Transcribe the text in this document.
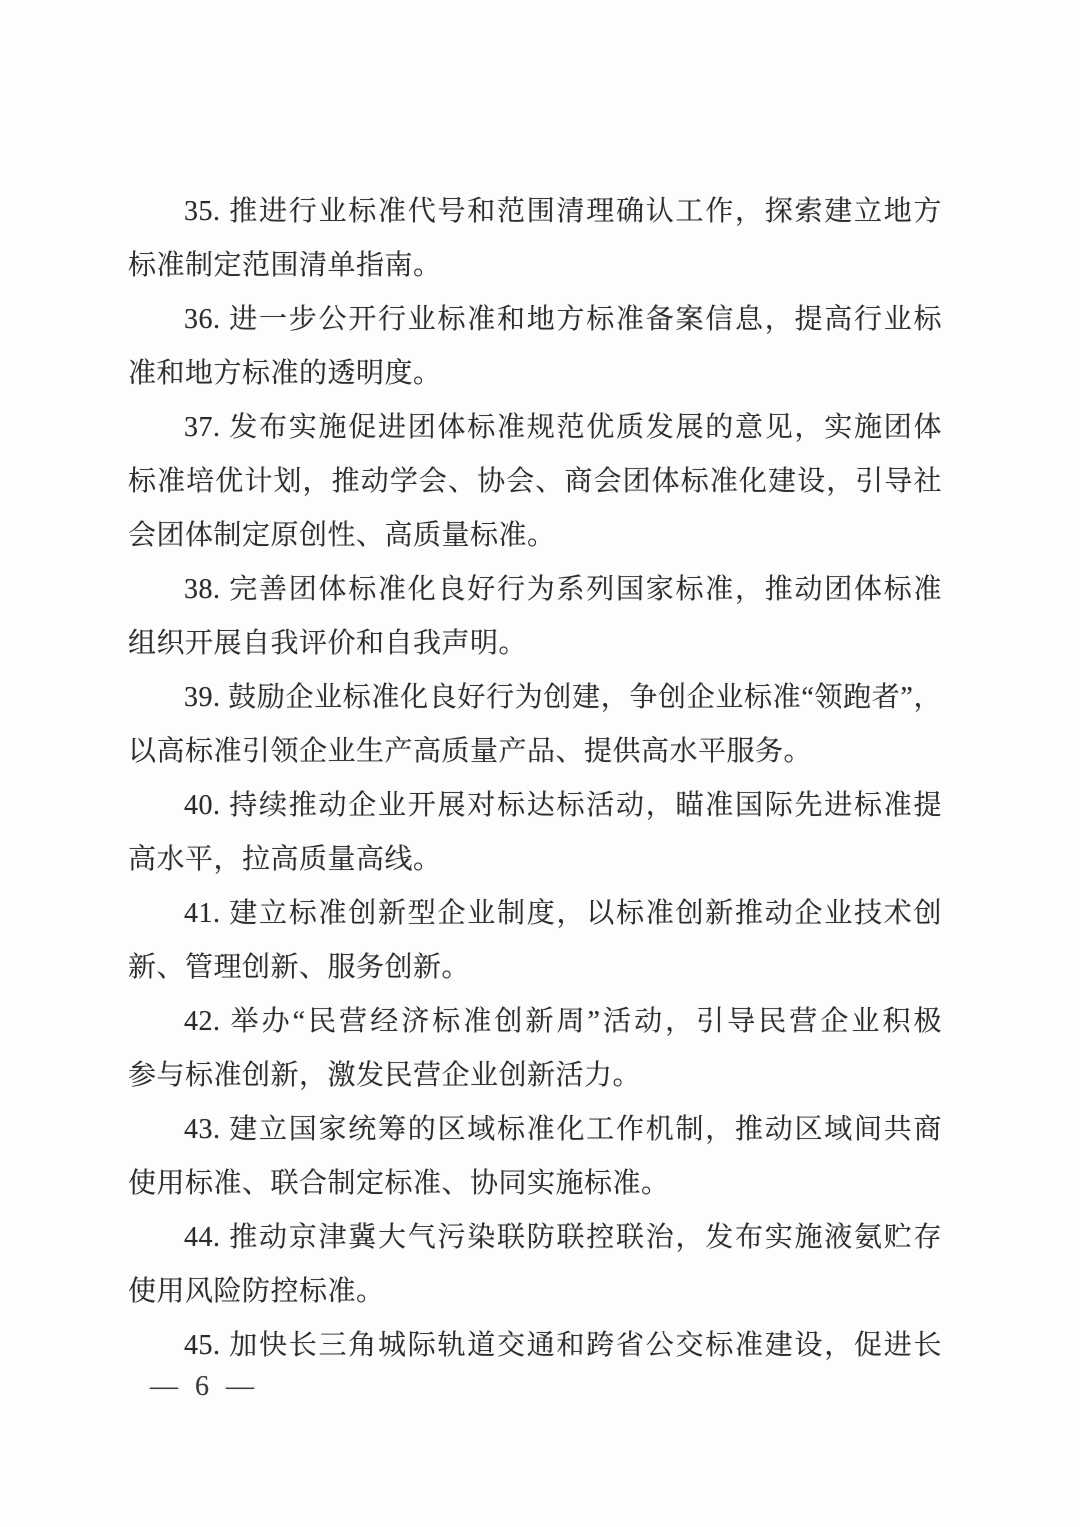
35. 推进行业标准代号和范围清理确认工作，探索建立地方
标准制定范围清单指南。
36. 进一步公开行业标准和地方标准备案信息，提高行业标
准和地方标准的透明度。
37. 发布实施促进团体标准规范优质发展的意见，实施团体
标准培优计划，推动学会、协会、商会团体标准化建设，引导社
会团体制定原创性、高质量标准。
38. 完善团体标准化良好行为系列国家标准，推动团体标准
组织开展自我评价和自我声明。
39. 鼓励企业标准化良好行为创建，争创企业标准“领跑者”，
以高标准引领企业生产高质量产品、提供高水平服务。
40. 持续推动企业开展对标达标活动，瞄准国际先进标准提
高水平，拉高质量高线。
41. 建立标准创新型企业制度，以标准创新推动企业技术创
新、管理创新、服务创新。
42. 举办“民营经济标准创新周”活动，引导民营企业积极
参与标准创新，激发民营企业创新活力。
43. 建立国家统筹的区域标准化工作机制，推动区域间共商
使用标准、联合制定标准、协同实施标准。
44. 推动京津冀大气污染联防联控联治，发布实施液氨贮存
使用风险防控标准。
45. 加快长三角城际轨道交通和跨省公交标准建设，促进长
— 6 —
